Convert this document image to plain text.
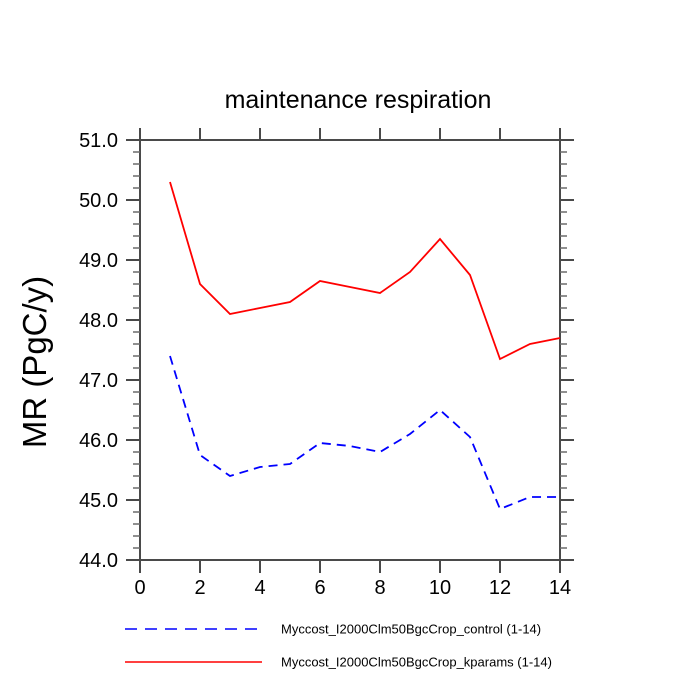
maintenance respiration
MR (PgC/y)
0 2 4 6 8 10 12 14
44.0
45.0
46.0
47.0
48.0
49.0
50.0
51.0
Myccost_I2000Clm50BgcCrop_control (1-14)
Myccost_I2000Clm50BgcCrop_kparams (1-14)
